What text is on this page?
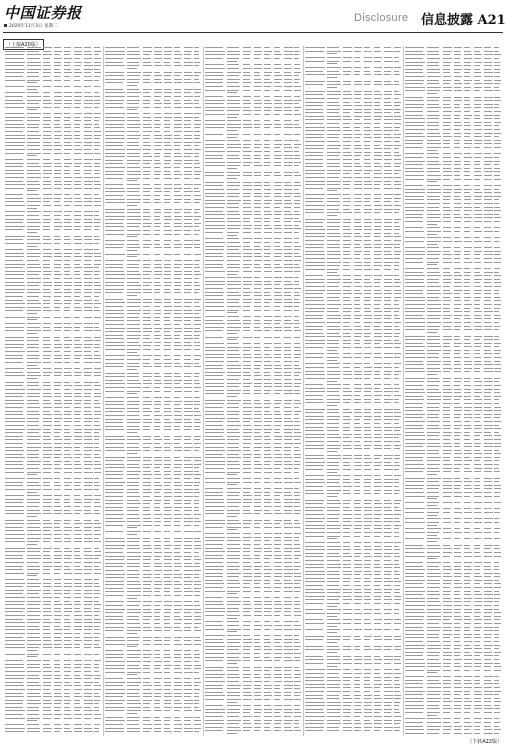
中国证券报
2020年11月3日 星期二
Disclosure 信息披露 A21
（上接A20版）
（下转A22版）
